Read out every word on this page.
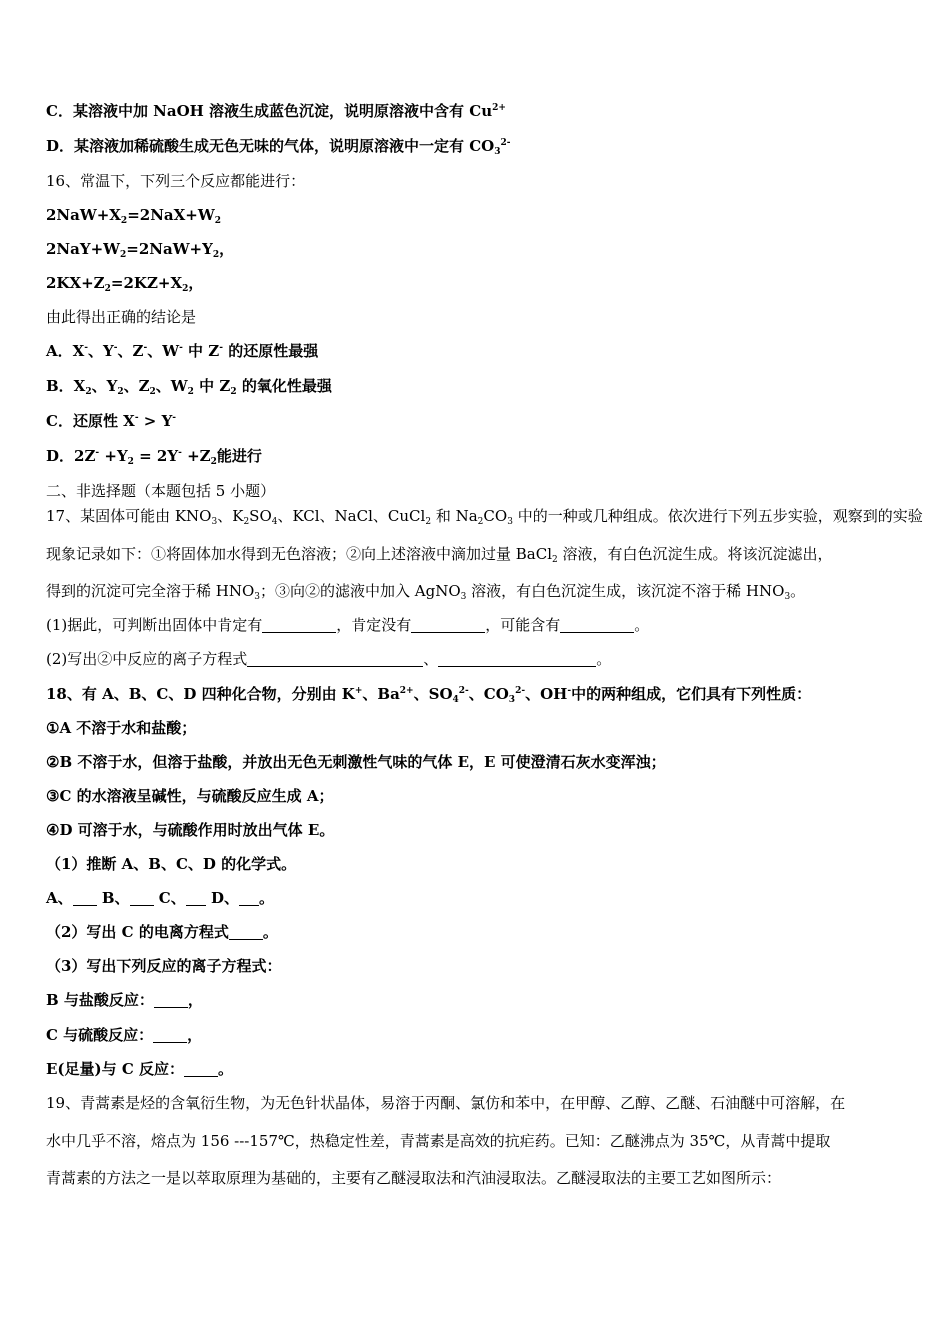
C．某溶液中加 NaOH 溶液生成蓝色沉淀，说明原溶液中含有 $Cu^{2+}$
D．某溶液加稀硫酸生成无色无味的气体，说明原溶液中一定有 $CO_3^{2-}$
16、常温下，下列三个反应都能进行：
$2NaW+X_2=2NaX+W_2$
$2NaY+W_2=2NaW+Y_2$，
$2KX+Z_2=2KZ+X_2$，
由此得出正确的结论是
A．X-、Y-、Z-、W- 中 Z- 的还原性最强
B．$X_2$、$Y_2$、$Z_2$、$W_2$ 中 $Z_2$ 的氧化性最强
C．还原性 X- > Y-
D．$2Z^- +Y_2 = 2Y^- +Z_2$能进行
二、非选择题（本题包括 5 小题）
17、某固体可能由 $KNO_3$、$K_2SO_4$、KCl、NaCl、CuCl$_2$ 和 $Na_2CO_3$ 中的一种或几种组成。依次进行下列五步实验，观察到的实验
现象记录如下：①将固体加水得到无色溶液；②向上述溶液中滴加过量 BaCl$_2$ 溶液，有白色沉淀生成。将该沉淀滤出，
得到的沉淀可完全溶于稀 $HNO_3$；③向②的滤液中加入 AgNO$_3$ 溶液，有白色沉淀生成，该沉淀不溶于稀 $HNO_3$。
(1)据此，可判断出固体中肯定有	，肯定没有	，可能含有	。
(2)写出②中反应的离子方程式	、	。
18、有 A、B、C、D 四种化合物，分别由 K+、$Ba^{2+}$、$SO_4^{2-}$、$CO_3^{2-}$、OH-中的两种组成，它们具有下列性质：
①A 不溶于水和盐酸；
②B 不溶于水，但溶于盐酸，并放出无色无刺激性气味的气体 E，E 可使澄清石灰水变浑浊；
③C 的水溶液呈碱性，与硫酸反应生成 A；
④D 可溶于水，与硫酸作用时放出气体 E。
（1）推断 A、B、C、D 的化学式。
A、 B、 C、 D、 。
（2）写出 C 的电离方程式 。
（3）写出下列反应的离子方程式：
B 与盐酸反应： ，
C 与硫酸反应： ，
E(足量)与 C 反应： 。
19、青蒿素是烃的含氧衍生物，为无色针状晶体，易溶于丙酮、氯仿和苯中，在甲醇、乙醇、乙醚、石油醚中可溶解，在
水中几乎不溶，熔点为 156 ---157℃，热稳定性差，青蒿素是高效的抗疟药。已知：乙醚沸点为 35℃，从青蒿中提取
青蒿素的方法之一是以萃取原理为基础的，主要有乙醚浸取法和汽油浸取法。乙醚浸取法的主要工艺如图所示：
